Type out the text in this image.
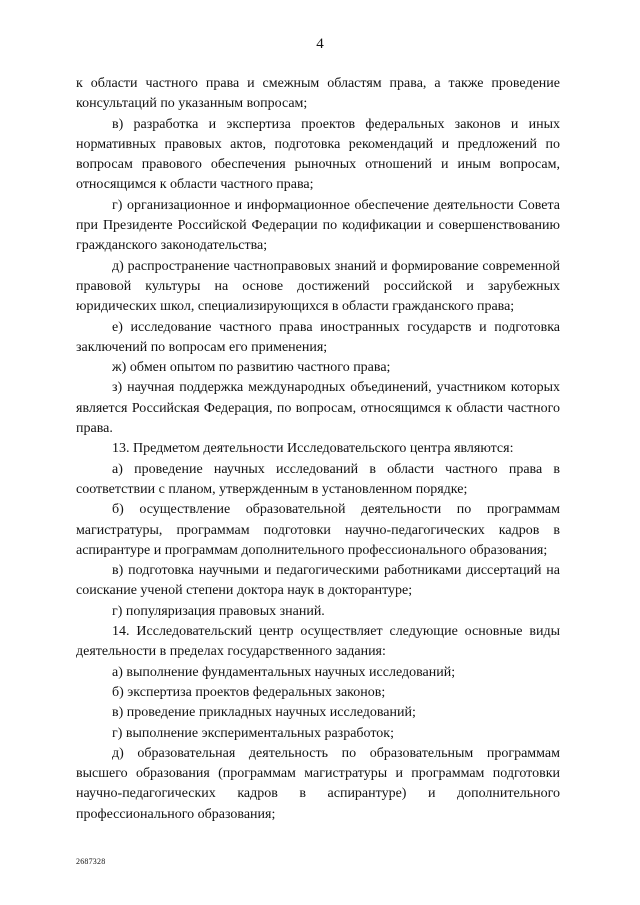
4

к области частного права и смежным областям права, а также проведение консультаций по указанным вопросам;

в) разработка и экспертиза проектов федеральных законов и иных нормативных правовых актов, подготовка рекомендаций и предложений по вопросам правового обеспечения рыночных отношений и иным вопросам, относящимся к области частного права;

г) организационное и информационное обеспечение деятельности Совета при Президенте Российской Федерации по кодификации и совершенствованию гражданского законодательства;

д) распространение частноправовых знаний и формирование современной правовой культуры на основе достижений российской и зарубежных юридических школ, специализирующихся в области гражданского права;

е) исследование частного права иностранных государств и подготовка заключений по вопросам его применения;

ж) обмен опытом по развитию частного права;

з) научная поддержка международных объединений, участником которых является Российская Федерация, по вопросам, относящимся к области частного права.

13. Предметом деятельности Исследовательского центра являются:

а) проведение научных исследований в области частного права в соответствии с планом, утвержденным в установленном порядке;

б) осуществление образовательной деятельности по программам магистратуры, программам подготовки научно-педагогических кадров в аспирантуре и программам дополнительного профессионального образования;

в) подготовка научными и педагогическими работниками диссертаций на соискание ученой степени доктора наук в докторантуре;

г) популяризация правовых знаний.

14. Исследовательский центр осуществляет следующие основные виды деятельности в пределах государственного задания:

а) выполнение фундаментальных научных исследований;

б) экспертиза проектов федеральных законов;

в) проведение прикладных научных исследований;

г) выполнение экспериментальных разработок;

д) образовательная деятельность по образовательным программам высшего образования (программам магистратуры и программам подготовки научно-педагогических кадров в аспирантуре) и дополнительного профессионального образования;

2687328
